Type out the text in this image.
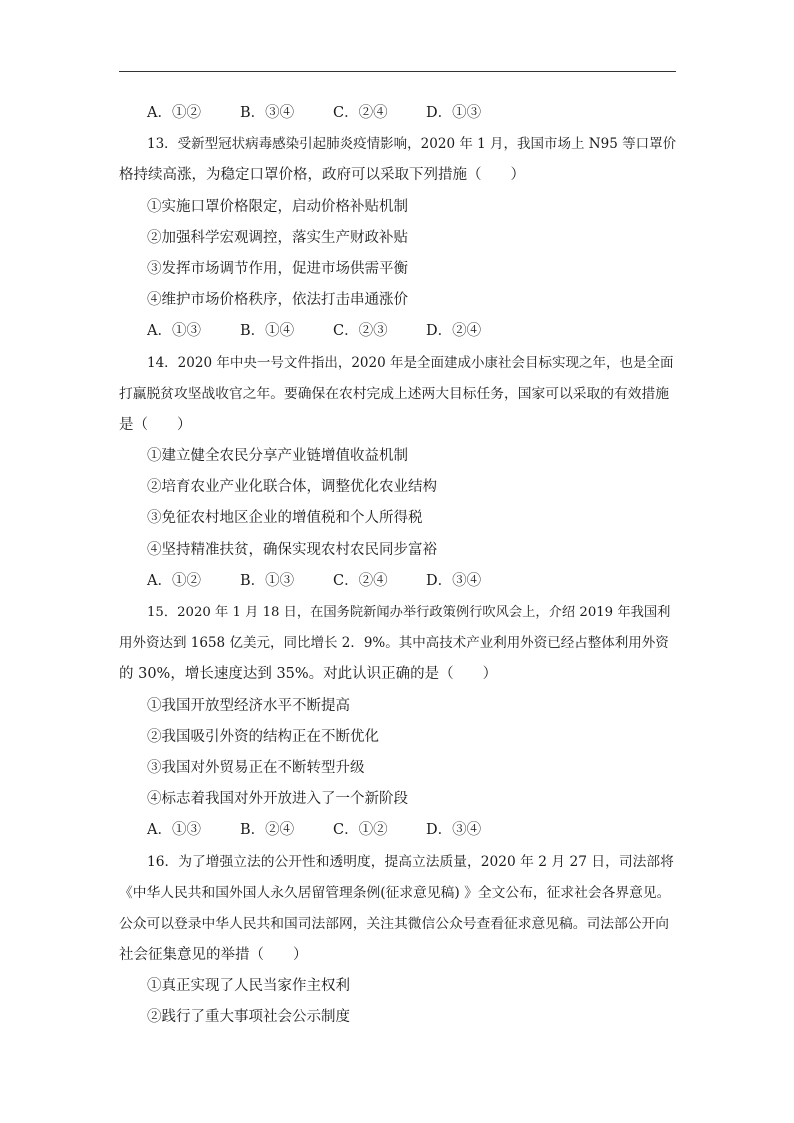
A．①②	B．③④	C．②④	D．①③
13．受新型冠状病毒感染引起肺炎疫情影响，2020 年 1 月，我国市场上 N95 等口罩价
格持续高涨，为稳定口罩价格，政府可以采取下列措施（　　）
①实施口罩价格限定，启动价格补贴机制
②加强科学宏观调控，落实生产财政补贴
③发挥市场调节作用，促进市场供需平衡
④维护市场价格秩序，依法打击串通涨价
A．①③	B．①④	C．②③	D．②④
14．2020 年中央一号文件指出，2020 年是全面建成小康社会目标实现之年，也是全面
打赢脱贫攻坚战收官之年。要确保在农村完成上述两大目标任务，国家可以采取的有效措施
是（　　）
①建立健全农民分享产业链增值收益机制
②培育农业产业化联合体，调整优化农业结构
③免征农村地区企业的增值税和个人所得税
④坚持精准扶贫，确保实现农村农民同步富裕
A．①②	B．①③	C．②④	D．③④
15．2020 年 1 月 18 日，在国务院新闻办举行政策例行吹风会上，介绍 2019 年我国利
用外资达到 1658 亿美元，同比增长 2．9%。其中高技术产业利用外资已经占整体利用外资
的 30%，增长速度达到 35%。对此认识正确的是（　　）
①我国开放型经济水平不断提高
②我国吸引外资的结构正在不断优化
③我国对外贸易正在不断转型升级
④标志着我国对外开放进入了一个新阶段
A．①③	B．②④	C．①②	D．③④
16．为了增强立法的公开性和透明度，提高立法质量，2020 年 2 月 27 日，司法部将
《中华人民共和国外国人永久居留管理条例(征求意见稿) 》全文公布，征求社会各界意见。
公众可以登录中华人民共和国司法部网，关注其微信公众号查看征求意见稿。司法部公开向
社会征集意见的举措（　　）
①真正实现了人民当家作主权利
②践行了重大事项社会公示制度
